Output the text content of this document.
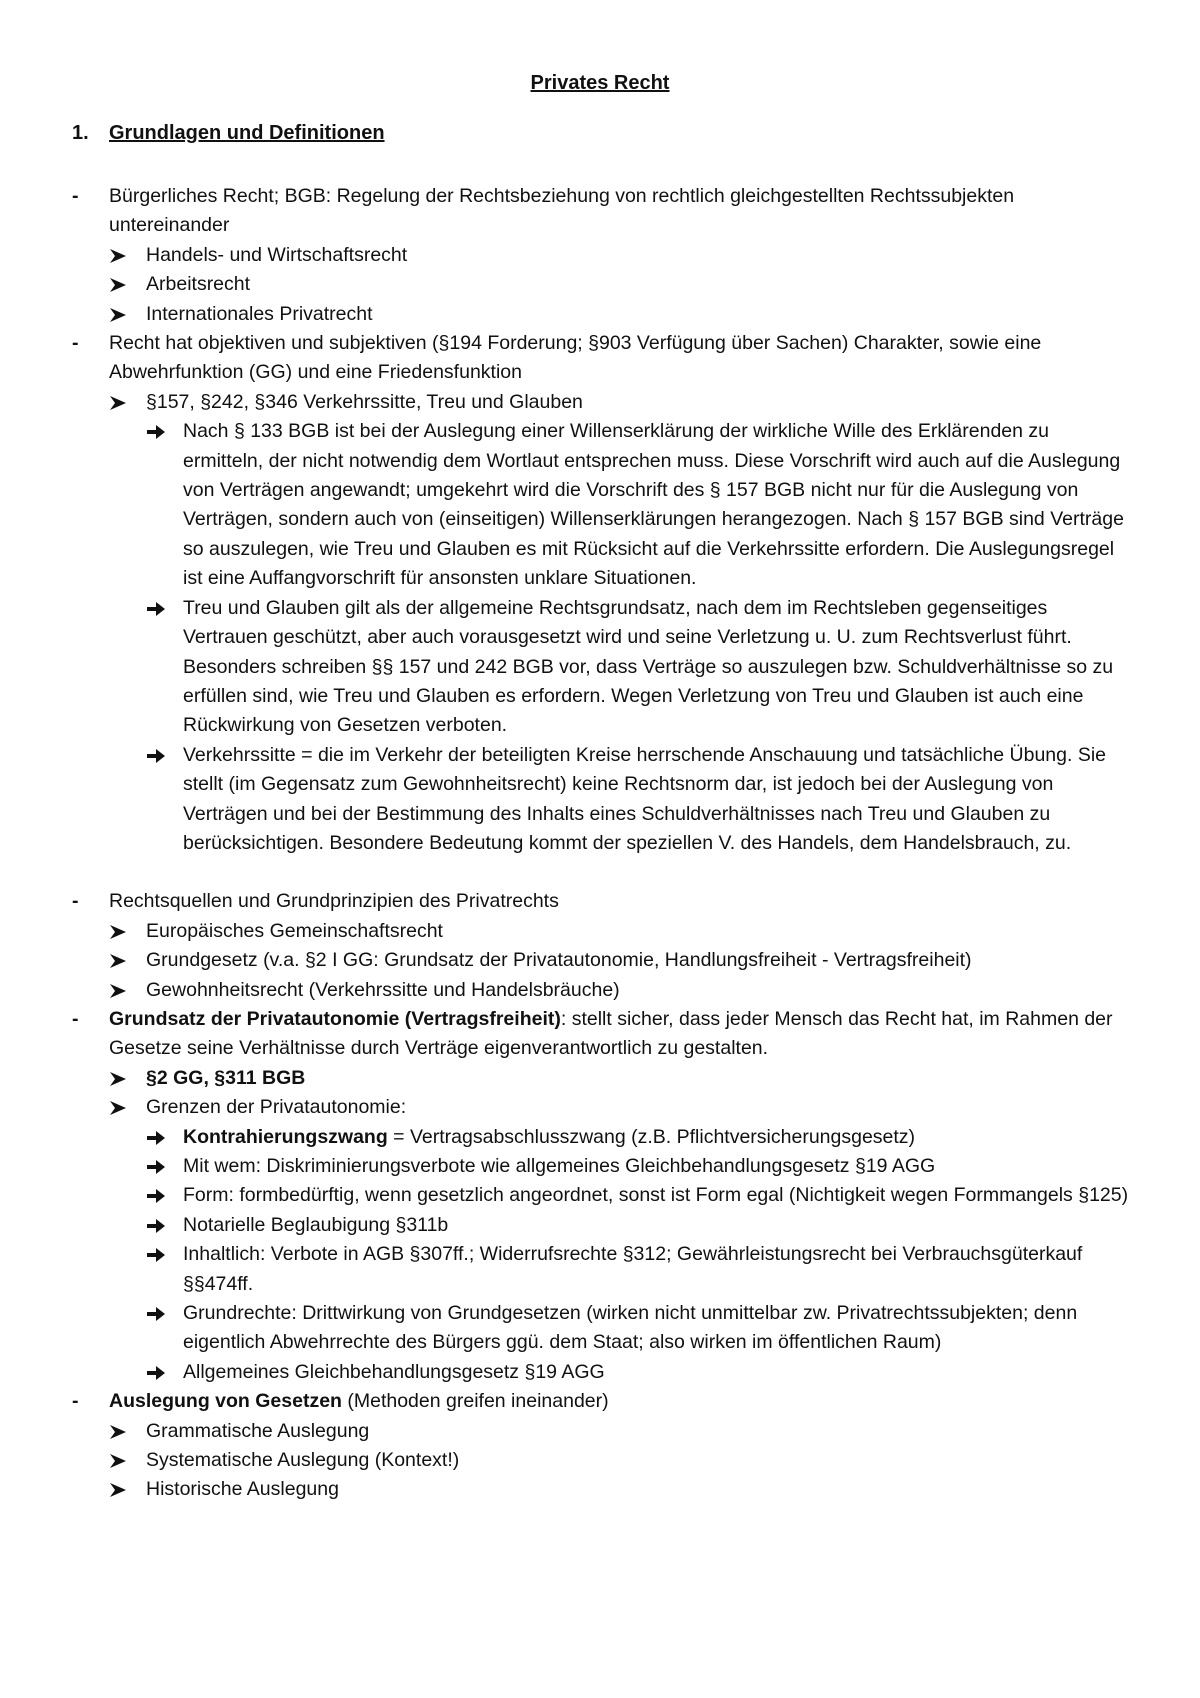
Privates Recht
1. Grundlagen und Definitionen
- Bürgerliches Recht; BGB: Regelung der Rechtsbeziehung von rechtlich gleichgestellten Rechtssubjekten untereinander
Handels- und Wirtschaftsrecht
Arbeitsrecht
Internationales Privatrecht
- Recht hat objektiven und subjektiven (§194 Forderung; §903 Verfügung über Sachen) Charakter, sowie eine Abwehrfunktion (GG) und eine Friedensfunktion
§157, §242, §346 Verkehrssitte, Treu und Glauben
Nach § 133 BGB ist bei der Auslegung einer Willenserklärung der wirkliche Wille des Erklärenden zu ermitteln, der nicht notwendig dem Wortlaut entsprechen muss. Diese Vorschrift wird auch auf die Auslegung von Verträgen angewandt; umgekehrt wird die Vorschrift des § 157 BGB nicht nur für die Auslegung von Verträgen, sondern auch von (einseitigen) Willenserklärungen herangezogen. Nach § 157 BGB sind Verträge so auszulegen, wie Treu und Glauben es mit Rücksicht auf die Verkehrssitte erfordern. Die Auslegungsregel ist eine Auffangvorschrift für ansonsten unklare Situationen.
Treu und Glauben gilt als der allgemeine Rechtsgrundsatz, nach dem im Rechtsleben gegenseitiges Vertrauen geschützt, aber auch vorausgesetzt wird und seine Verletzung u. U. zum Rechtsverlust führt. Besonders schreiben §§ 157 und 242 BGB vor, dass Verträge so auszulegen bzw. Schuldverhältnisse so zu erfüllen sind, wie Treu und Glauben es erfordern. Wegen Verletzung von Treu und Glauben ist auch eine Rückwirkung von Gesetzen verboten.
Verkehrssitte = die im Verkehr der beteiligten Kreise herrschende Anschauung und tatsächliche Übung. Sie stellt (im Gegensatz zum Gewohnheitsrecht) keine Rechtsnorm dar, ist jedoch bei der Auslegung von Verträgen und bei der Bestimmung des Inhalts eines Schuldverhältnisses nach Treu und Glauben zu berücksichtigen. Besondere Bedeutung kommt der speziellen V. des Handels, dem Handelsbrauch, zu.
- Rechtsquellen und Grundprinzipien des Privatrechts
Europäisches Gemeinschaftsrecht
Grundgesetz (v.a. §2 I GG: Grundsatz der Privatautonomie, Handlungsfreiheit - Vertragsfreiheit)
Gewohnheitsrecht (Verkehrssitte und Handelsbräuche)
- Grundsatz der Privatautonomie (Vertragsfreiheit): stellt sicher, dass jeder Mensch das Recht hat, im Rahmen der Gesetze seine Verhältnisse durch Verträge eigenverantwortlich zu gestalten.
§2 GG, §311 BGB
Grenzen der Privatautonomie:
Kontrahierungszwang = Vertragsabschlusszwang (z.B. Pflichtversicherungsgesetz)
Mit wem: Diskriminierungsverbote wie allgemeines Gleichbehandlungsgesetz §19 AGG
Form: formbedürftig, wenn gesetzlich angeordnet, sonst ist Form egal (Nichtigkeit wegen Formmangels §125)
Notarielle Beglaubigung §311b
Inhaltlich: Verbote in AGB §307ff.; Widerrufsrechte §312; Gewährleistungsrecht bei Verbrauchsgüterkauf §§474ff.
Grundrechte: Drittwirkung von Grundgesetzen (wirken nicht unmittelbar zw. Privatrechtssubjekten; denn eigentlich Abwehrrechte des Bürgers ggü. dem Staat; also wirken im öffentlichen Raum)
Allgemeines Gleichbehandlungsgesetz §19 AGG
- Auslegung von Gesetzen (Methoden greifen ineinander)
Grammatische Auslegung
Systematische Auslegung (Kontext!)
Historische Auslegung
